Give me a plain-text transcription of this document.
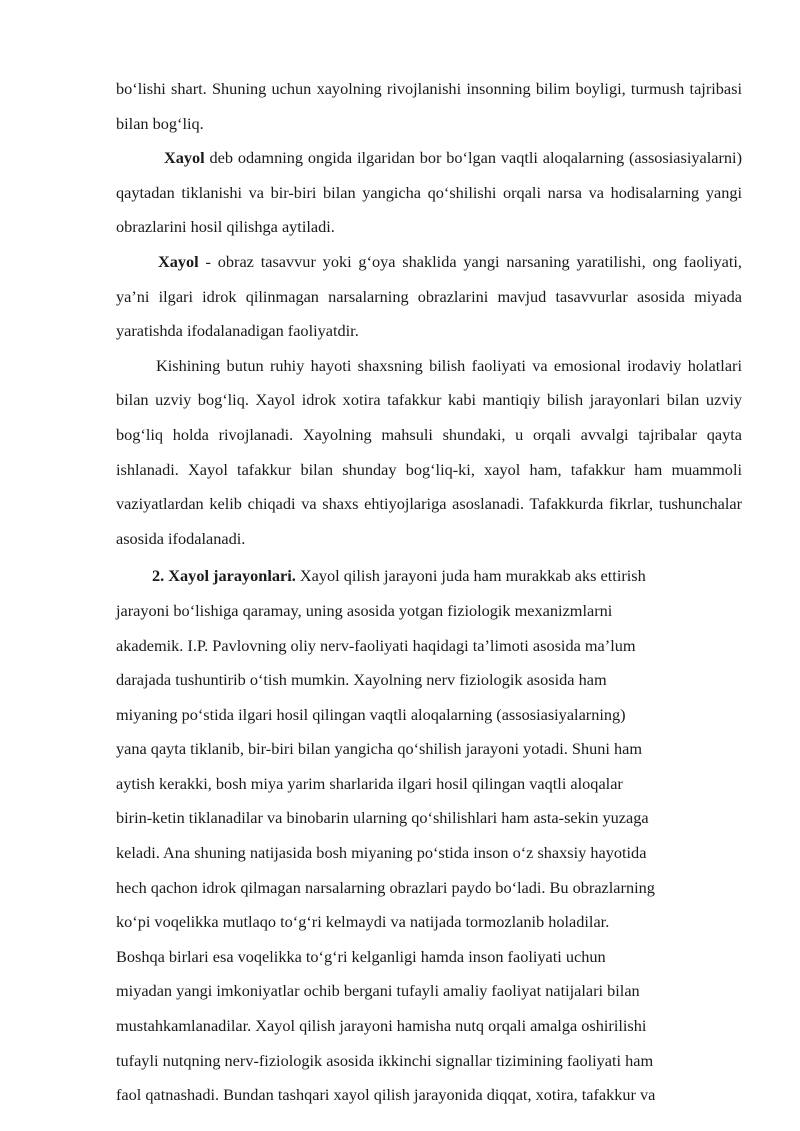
boʻlishi shart. Shuning uchun xayolning rivojlanishi insonning bilim boyligi, turmush tajribasi bilan bogʻliq.

Xayol deb odamning ongida ilgaridan bor boʻlgan vaqtli aloqalarning (assosiasiyalarni) qaytadan tiklanishi va bir-biri bilan yangicha qoʻshilishi orqali narsa va hodisalarning yangi obrazlarini hosil qilishga aytiladi.

Xayol - obraz tasavvur yoki gʻoya shaklida yangi narsaning yaratilishi, ong faoliyati, ya’ni ilgari idrok qilinmagan narsalarning obrazlarini mavjud tasavvurlar asosida miyada yaratishda ifodalanadigan faoliyatdir.

Kishining butun ruhiy hayoti shaxsning bilish faoliyati va emosional irodaviy holatlari bilan uzviy bogʻliq. Xayol idrok xotira tafakkur kabi mantiqiy bilish jarayonlari bilan uzviy bogʻliq holda rivojlanadi. Xayolning mahsuli shundaki, u orqali avvalgi tajribalar qayta ishlanadi. Xayol tafakkur bilan shunday bogʻliq-ki, xayol ham, tafakkur ham muammoli vaziyatlardan kelib chiqadi va shaxs ehtiyojlariga asoslanadi. Tafakkurda fikrlar, tushunchalar asosida ifodalanadi.

2. Xayol jarayonlari. Xayol qilish jarayoni juda ham murakkab aks ettirish
jarayoni boʻlishiga qaramay, uning asosida yotgan fiziologik mexanizmlarni
akademik. I.P. Pavlovning oliy nerv-faoliyati haqidagi ta’limoti asosida ma’lum
darajada tushuntirib oʻtish mumkin. Xayolning nerv fiziologik asosida ham
miyaning poʻstida ilgari hosil qilingan vaqtli aloqalarning (assosiasiyalarning)
yana qayta tiklanib, bir-biri bilan yangicha qoʻshilish jarayoni yotadi. Shuni ham
aytish kerakki, bosh miya yarim sharlarida ilgari hosil qilingan vaqtli aloqalar
birin-ketin tiklanadilar va binobarin ularning qoʻshilishlari ham asta-sekin yuzaga
keladi. Ana shuning natijasida bosh miyaning poʻstida inson oʻz shaxsiy hayotida
hech qachon idrok qilmagan narsalarning obrazlari paydo boʻladi. Bu obrazlarning
koʻpi voqelikka mutlaqo toʻgʻri kelmaydi va natijada tormozlanib holadilar.
Boshqa birlari esa voqelikka toʻgʻri kelganligi hamda inson faoliyati uchun
miyadan yangi imkoniyatlar ochib bergani tufayli amaliy faoliyat natijalari bilan
mustahkamlanadilar. Xayol qilish jarayoni hamisha nutq orqali amalga oshirilishi
tufayli nutqning nerv-fiziologik asosida ikkinchi signallar tizimining faoliyati ham
faol qatnashadi. Bundan tashqari xayol qilish jarayonida diqqat, xotira, tafakkur va
